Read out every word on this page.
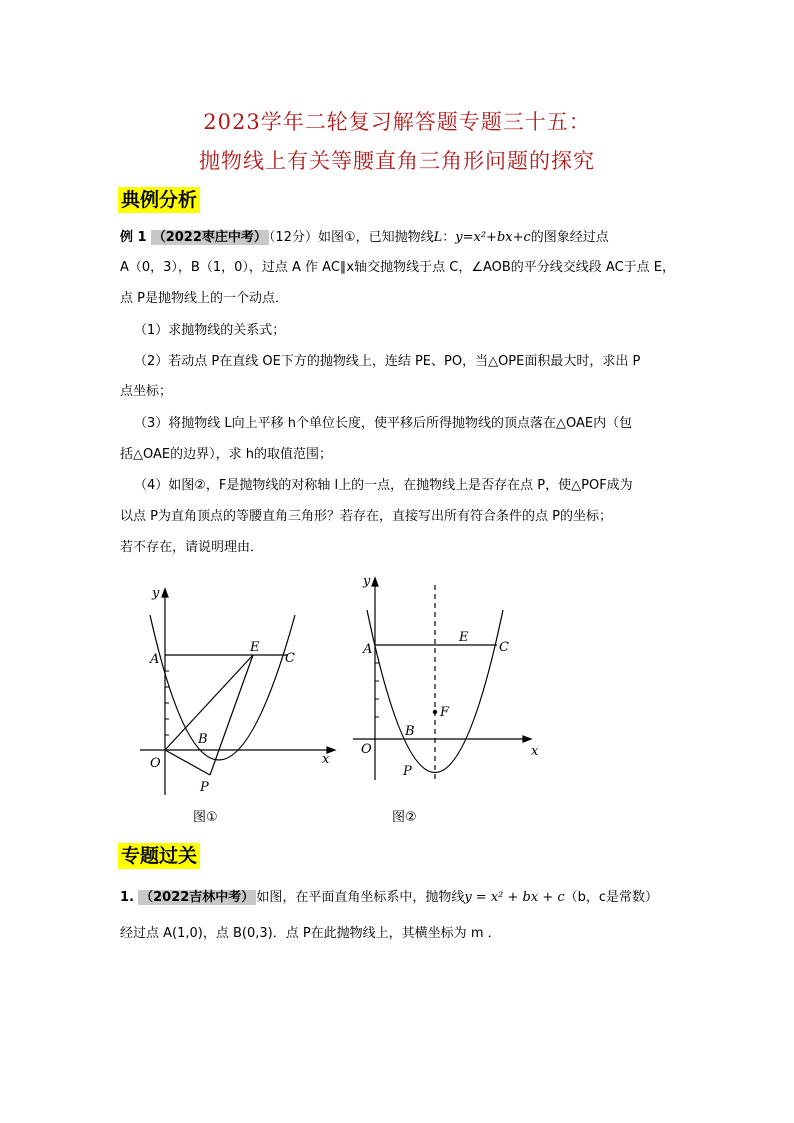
2023学年二轮复习解答题专题三十五：
抛物线上有关等腰直角三角形问题的探究
典例分析
例 1 （2022枣庄中考） （12分）如图①，已知抛物线L：y=x²+bx+c的图象经过点
A（0，3），B（1，0），过点 A 作 AC∥x轴交抛物线于点 C，∠AOB的平分线交线段 AC于点 E，
点 P是抛物线上的一个动点．
（1）求抛物线的关系式；
（2）若动点 P在直线 OE下方的抛物线上，连结 PE、PO，当△OPE面积最大时，求出 P
点坐标；
（3）将抛物线 L向上平移 h个单位长度，使平移后所得抛物线的顶点落在△OAE内（包
括△OAE的边界），求 h的取值范围；
（4）如图②，F是抛物线的对称轴 l上的一点，在抛物线上是否存在点 P，使△POF成为
以点 P为直角顶点的等腰直角三角形？若存在，直接写出所有符合条件的点 P的坐标；
若不存在，请说明理由．
y
x
O
A
E
C
B
P
图①
y
x
O
A
E
C
F
B
P
图②
专题过关
1. （2022吉林中考） 如图，在平面直角坐标系中，抛物线y = x² + bx + c（b，c是常数）
经过点 A(1,0)，点 B(0,3)．点 P在此抛物线上，其横坐标为 m ．
